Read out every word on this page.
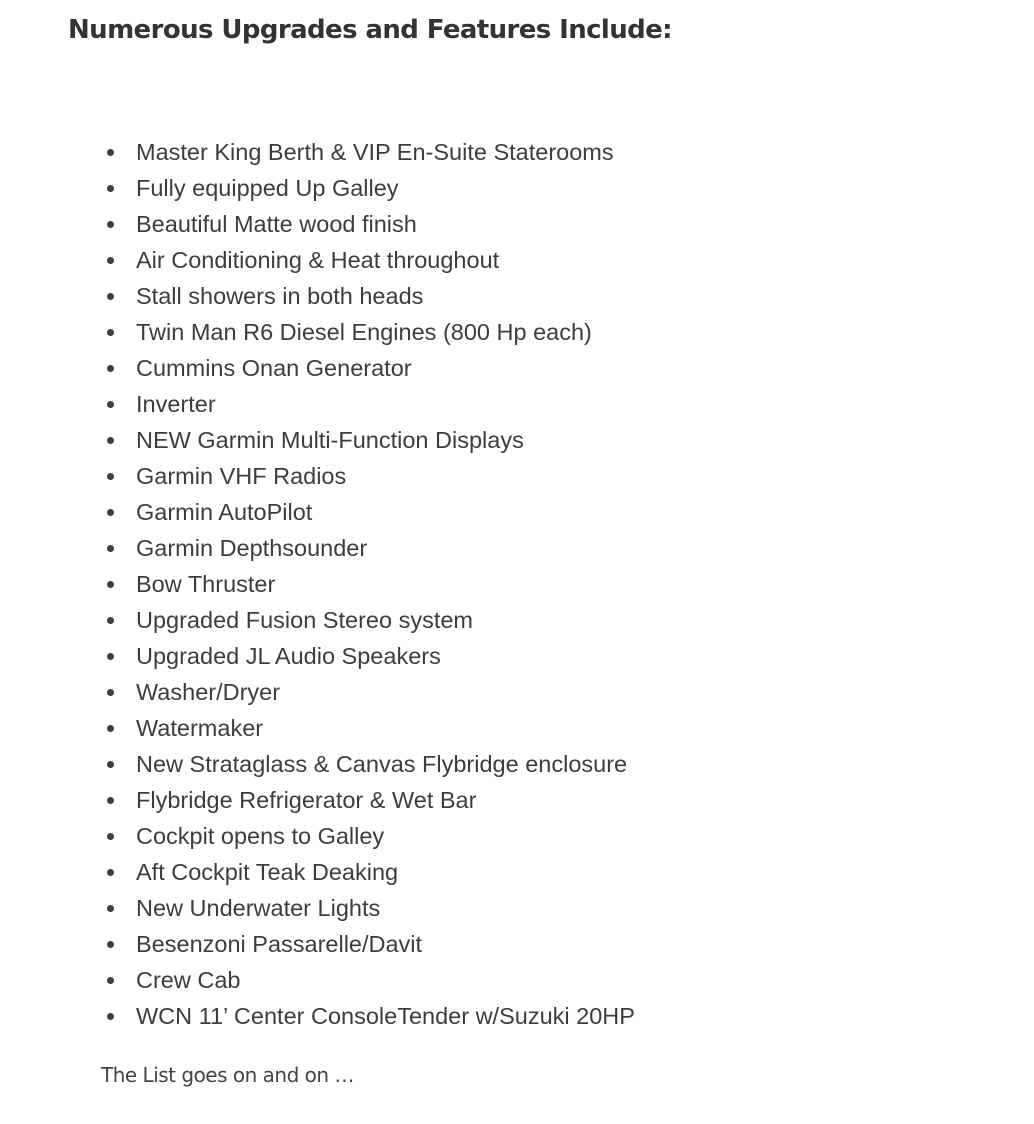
Numerous Upgrades and Features Include:
Master King Berth & VIP En-Suite Staterooms
Fully equipped Up Galley
Beautiful Matte wood finish
Air Conditioning & Heat throughout
Stall showers in both heads
Twin Man R6 Diesel Engines (800 Hp each)
Cummins Onan Generator
Inverter
NEW Garmin Multi-Function Displays
Garmin VHF Radios
Garmin AutoPilot
Garmin Depthsounder
Bow Thruster
Upgraded Fusion Stereo system
Upgraded JL Audio Speakers
Washer/Dryer
Watermaker
New Strataglass & Canvas Flybridge enclosure
Flybridge Refrigerator & Wet Bar
Cockpit opens to Galley
Aft Cockpit Teak Deaking
New Underwater Lights
Besenzoni Passarelle/Davit
Crew Cab
WCN 11’ Center ConsoleTender w/Suzuki 20HP

The List goes on and on …
